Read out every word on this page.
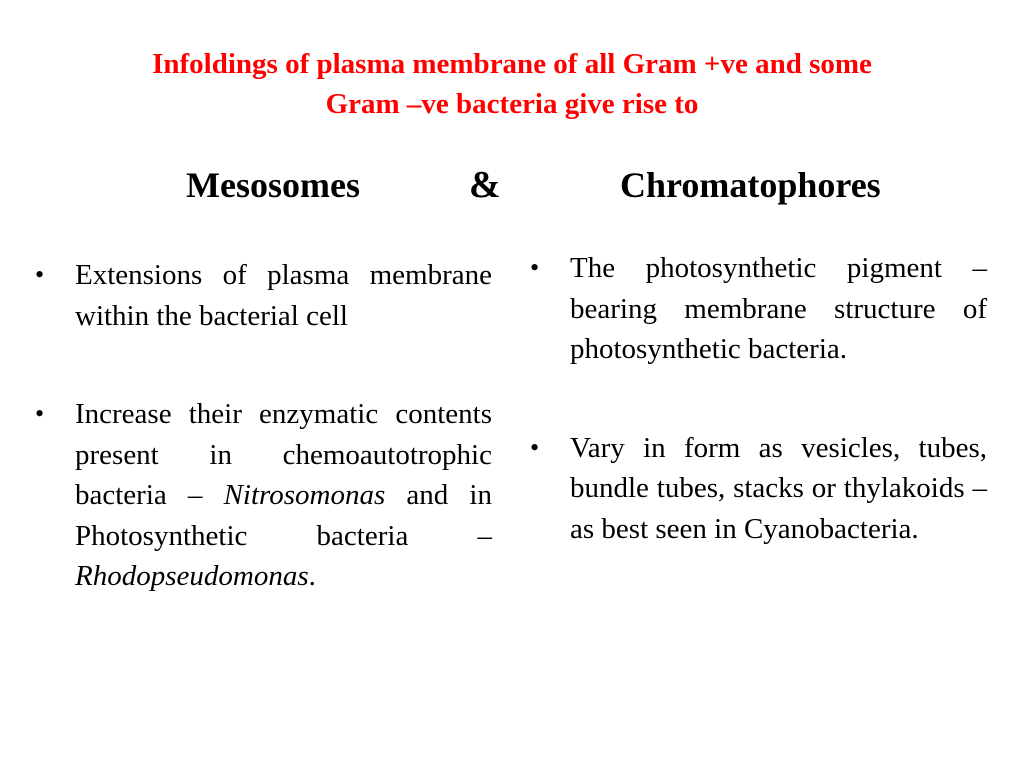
Infoldings of plasma membrane of all Gram +ve and some
Gram –ve bacteria give rise to
Mesosomes	&	Chromatophores
• Extensions of plasma membrane within the bacterial cell
• Increase their enzymatic contents present in chemoautotrophic bacteria – Nitrosomonas and in Photosynthetic bacteria – Rhodopseudomonas.
• The photosynthetic pigment – bearing membrane structure of photosynthetic bacteria.
• Vary in form as vesicles, tubes, bundle tubes, stacks or thylakoids – as best seen in Cyanobacteria.
